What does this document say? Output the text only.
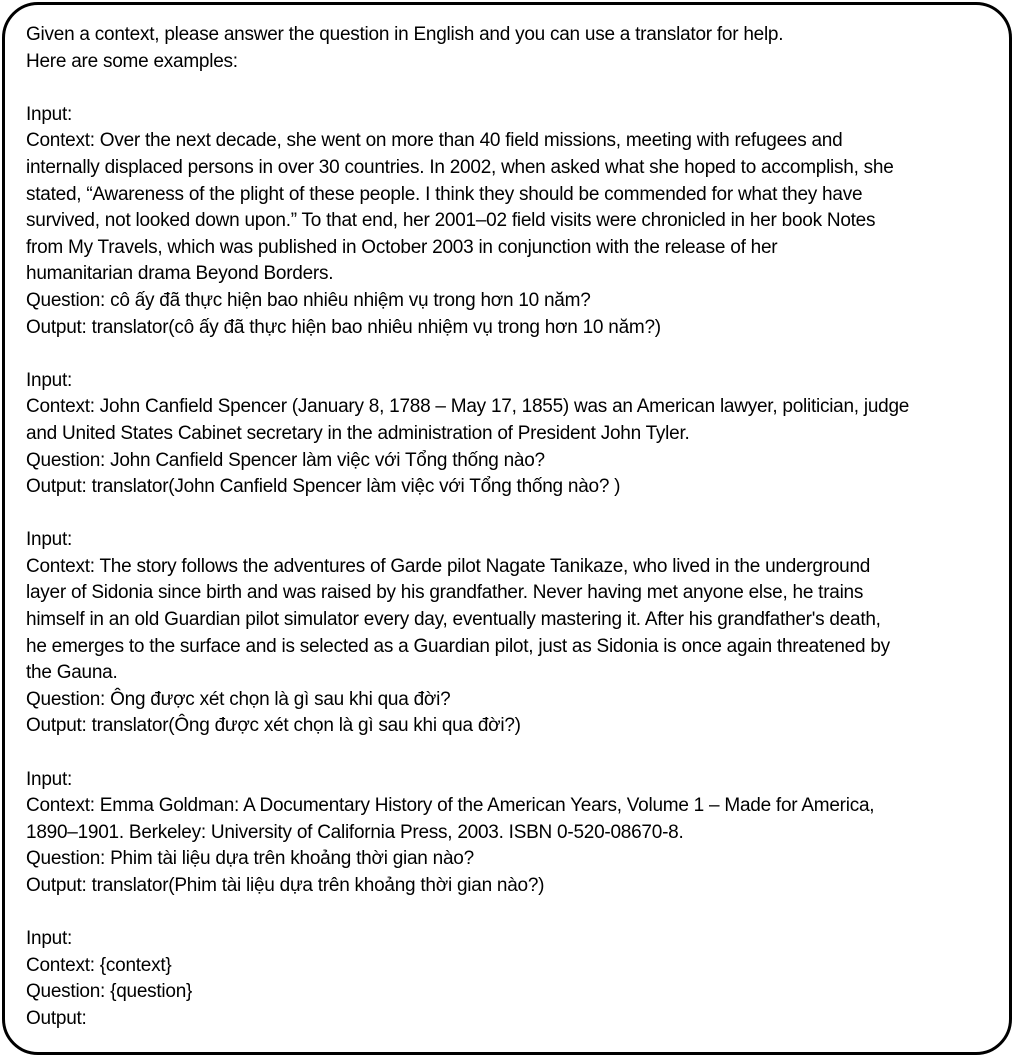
Given a context, please answer the question in English and you can use a translator for help.
Here are some examples:
Input:
Context: Over the next decade, she went on more than 40 field missions, meeting with refugees and
internally displaced persons in over 30 countries. In 2002, when asked what she hoped to accomplish, she
stated, “Awareness of the plight of these people. I think they should be commended for what they have
survived, not looked down upon.” To that end, her 2001–02 field visits were chronicled in her book Notes
from My Travels, which was published in October 2003 in conjunction with the release of her
humanitarian drama Beyond Borders.
Question: cô ấy đã thực hiện bao nhiêu nhiệm vụ trong hơn 10 năm?
Output: translator(cô ấy đã thực hiện bao nhiêu nhiệm vụ trong hơn 10 năm?)
Input:
Context: John Canfield Spencer (January 8, 1788 – May 17, 1855) was an American lawyer, politician, judge
and United States Cabinet secretary in the administration of President John Tyler.
Question: John Canfield Spencer làm việc với Tổng thống nào?
Output: translator(John Canfield Spencer làm việc với Tổng thống nào? )
Input:
Context: The story follows the adventures of Garde pilot Nagate Tanikaze, who lived in the underground
layer of Sidonia since birth and was raised by his grandfather. Never having met anyone else, he trains
himself in an old Guardian pilot simulator every day, eventually mastering it. After his grandfather's death,
he emerges to the surface and is selected as a Guardian pilot, just as Sidonia is once again threatened by
the Gauna.
Question: Ông được xét chọn là gì sau khi qua đời?
Output: translator(Ông được xét chọn là gì sau khi qua đời?)
Input:
Context: Emma Goldman: A Documentary History of the American Years, Volume 1 – Made for America,
1890–1901. Berkeley: University of California Press, 2003. ISBN 0-520-08670-8.
Question: Phim tài liệu dựa trên khoảng thời gian nào?
Output: translator(Phim tài liệu dựa trên khoảng thời gian nào?)
Input:
Context: {context}
Question: {question}
Output:
